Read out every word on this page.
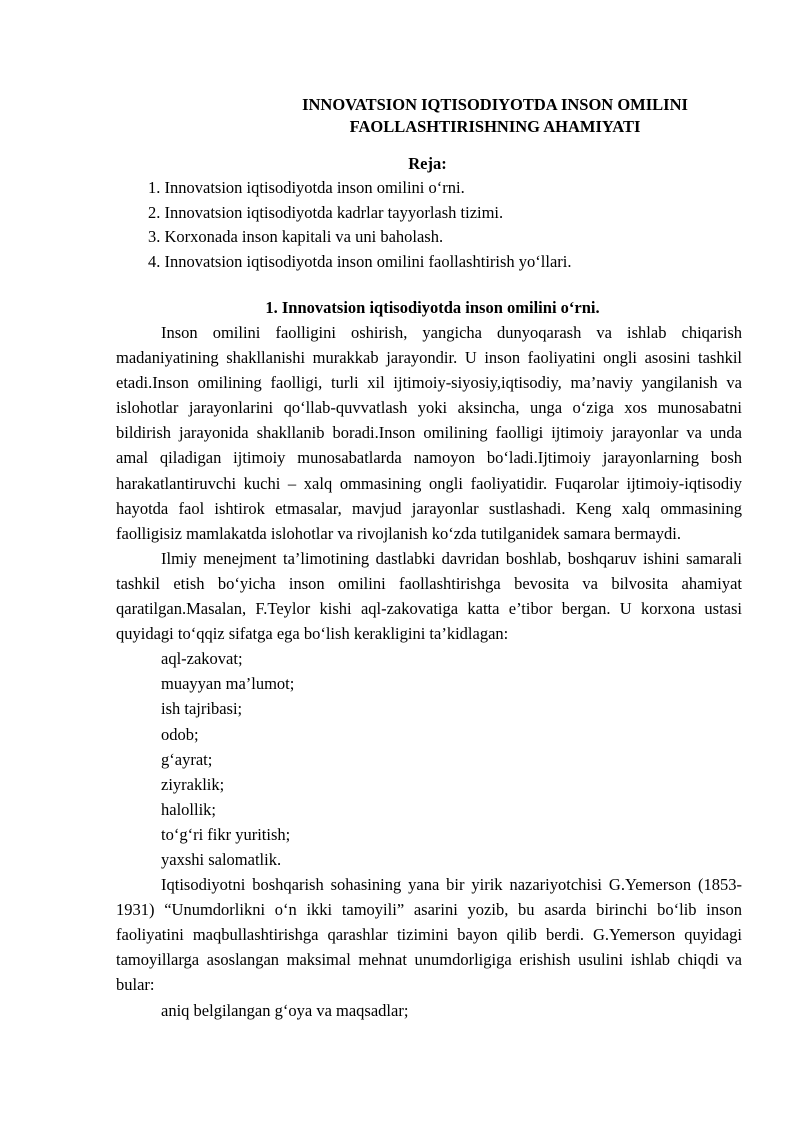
INNOVATSION IQTISODIYOTDA INSON OMILINI
FAOLLASHTIRISHNING AHAMIYATI
Reja:
1. Innovatsion iqtisodiyotda inson omilini o‘rni.
2. Innovatsion iqtisodiyotda kadrlar tayyorlash tizimi.
3. Korxonada inson kapitali va uni baholash.
4. Innovatsion iqtisodiyotda inson omilini faollashtirish yo‘llari.
1. Innovatsion iqtisodiyotda inson omilini o‘rni.

Inson omilini faolligini oshirish, yangicha dunyoqarash va ishlab chiqarish madaniyatining shakllanishi murakkab jarayondir. U inson faoliyatini ongli asosini tashkil etadi.Inson omilining faolligi, turli xil ijtimoiy-siyosiy,iqtisodiy, ma’naviy yangilanish va islohotlar jarayonlarini qo‘llab-quvvatlash yoki aksincha, unga o‘ziga xos munosabatni bildirish jarayonida shakllanib boradi.Inson omilining faolligi ijtimoiy jarayonlar va unda amal qiladigan ijtimoiy munosabatlarda namoyon bo‘ladi.Ijtimoiy jarayonlarning bosh harakatlantiruvchi kuchi – xalq ommasining ongli faoliyatidir. Fuqarolar ijtimoiy-iqtisodiy hayotda faol ishtirok etmasalar, mavjud jarayonlar sustlashadi. Keng xalq ommasining faolligisiz mamlakatda islohotlar va rivojlanish ko‘zda tutilganidek samara bermaydi.

Ilmiy menejment ta’limotining dastlabki davridan boshlab, boshqaruv ishini samarali tashkil etish bo‘yicha inson omilini faollashtirishga bevosita va bilvosita ahamiyat qaratilgan.Masalan, F.Teylor kishi aql-zakovatiga katta e’tibor bergan. U korxona ustasi quyidagi to‘qqiz sifatga ega bo‘lish kerakligini ta’kidlagan:

aql-zakovat;
muayyan ma’lumot;
ish tajribasi;
odob;
g‘ayrat;
ziyraklik;
halollik;
to‘g‘ri fikr yuritish;
yaxshi salomatlik.

Iqtisodiyotni boshqarish sohasining yana bir yirik nazariyotchisi G.Yemerson (1853-1931) “Unumdorlikni o‘n ikki tamoyili” asarini yozib, bu asarda birinchi bo‘lib inson faoliyatini maqbullashtirishga qarashlar tizimini bayon qilib berdi. G.Yemerson quyidagi tamoyillarga asoslangan maksimal mehnat unumdorligiga erishish usulini ishlab chiqdi va bular:

aniq belgilangan g‘oya va maqsadlar;
